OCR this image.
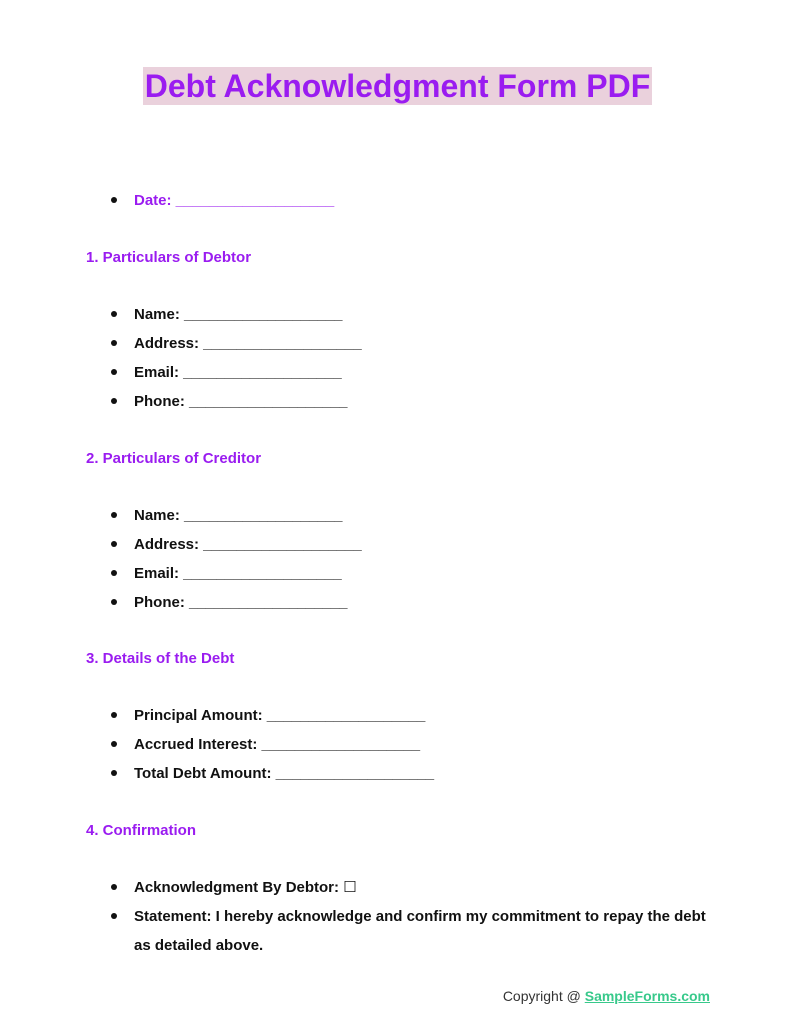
Debt Acknowledgment Form PDF
Date: ___________________
1. Particulars of Debtor
Name: ___________________
Address: ___________________
Email: ___________________
Phone: ___________________
2. Particulars of Creditor
Name: ___________________
Address: ___________________
Email: ___________________
Phone: ___________________
3. Details of the Debt
Principal Amount: ___________________
Accrued Interest: ___________________
Total Debt Amount: ___________________
4. Confirmation
Acknowledgment By Debtor: ☐
Statement: I hereby acknowledge and confirm my commitment to repay the debt as detailed above.
Copyright @ SampleForms.com
